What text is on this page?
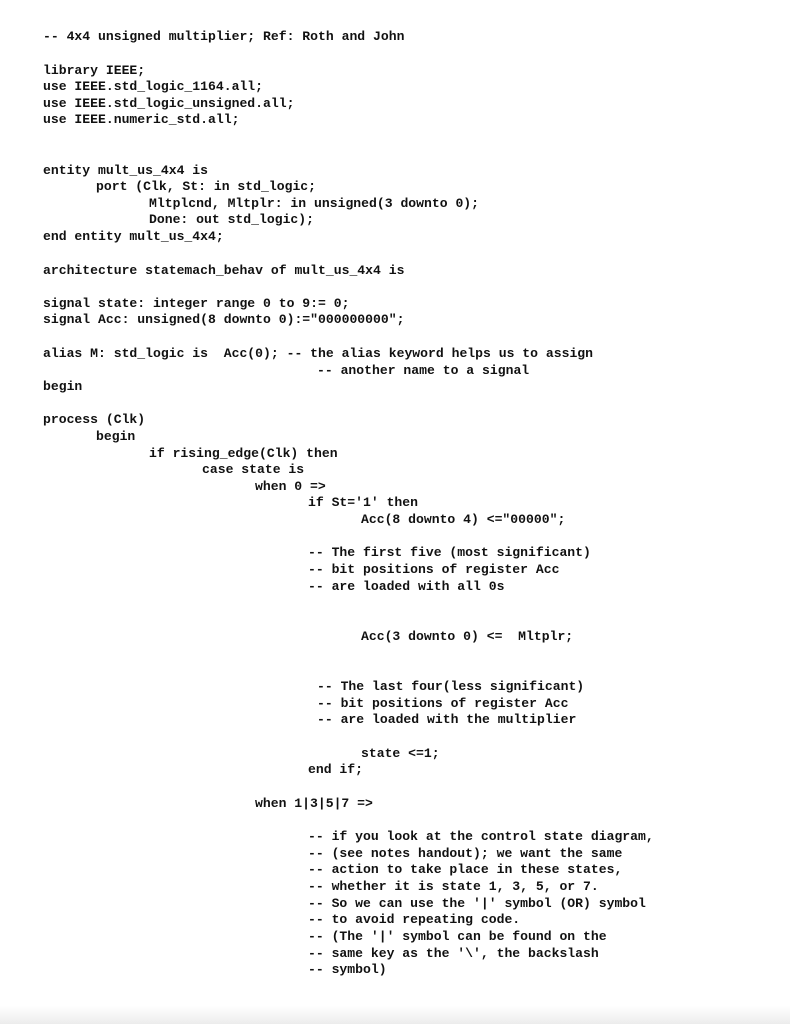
-- 4x4 unsigned multiplier; Ref: Roth and John
library IEEE;
use IEEE.std_logic_1164.all;
use IEEE.std_logic_unsigned.all;
use IEEE.numeric_std.all;
entity mult_us_4x4 is
port (Clk, St: in std_logic;
Mltplcnd, Mltplr: in unsigned(3 downto 0);
Done: out std_logic);
end entity mult_us_4x4;
architecture statemach_behav of mult_us_4x4 is
signal state: integer range 0 to 9:= 0;
signal Acc: unsigned(8 downto 0):="000000000";
alias M: std_logic is  Acc(0); -- the alias keyword helps us to assign
-- another name to a signal
begin
process (Clk)
begin
if rising_edge(Clk) then
case state is
when 0 =>
if St='1' then
Acc(8 downto 4) <="00000";
-- The first five (most significant)
-- bit positions of register Acc
-- are loaded with all 0s
Acc(3 downto 0) <=  Mltplr;
-- The last four(less significant)
-- bit positions of register Acc
-- are loaded with the multiplier
state <=1;
end if;
when 1|3|5|7 =>
-- if you look at the control state diagram,
-- (see notes handout); we want the same
-- action to take place in these states,
-- whether it is state 1, 3, 5, or 7.
-- So we can use the '|' symbol (OR) symbol
-- to avoid repeating code.
-- (The '|' symbol can be found on the
-- same key as the '\', the backslash
-- symbol)
